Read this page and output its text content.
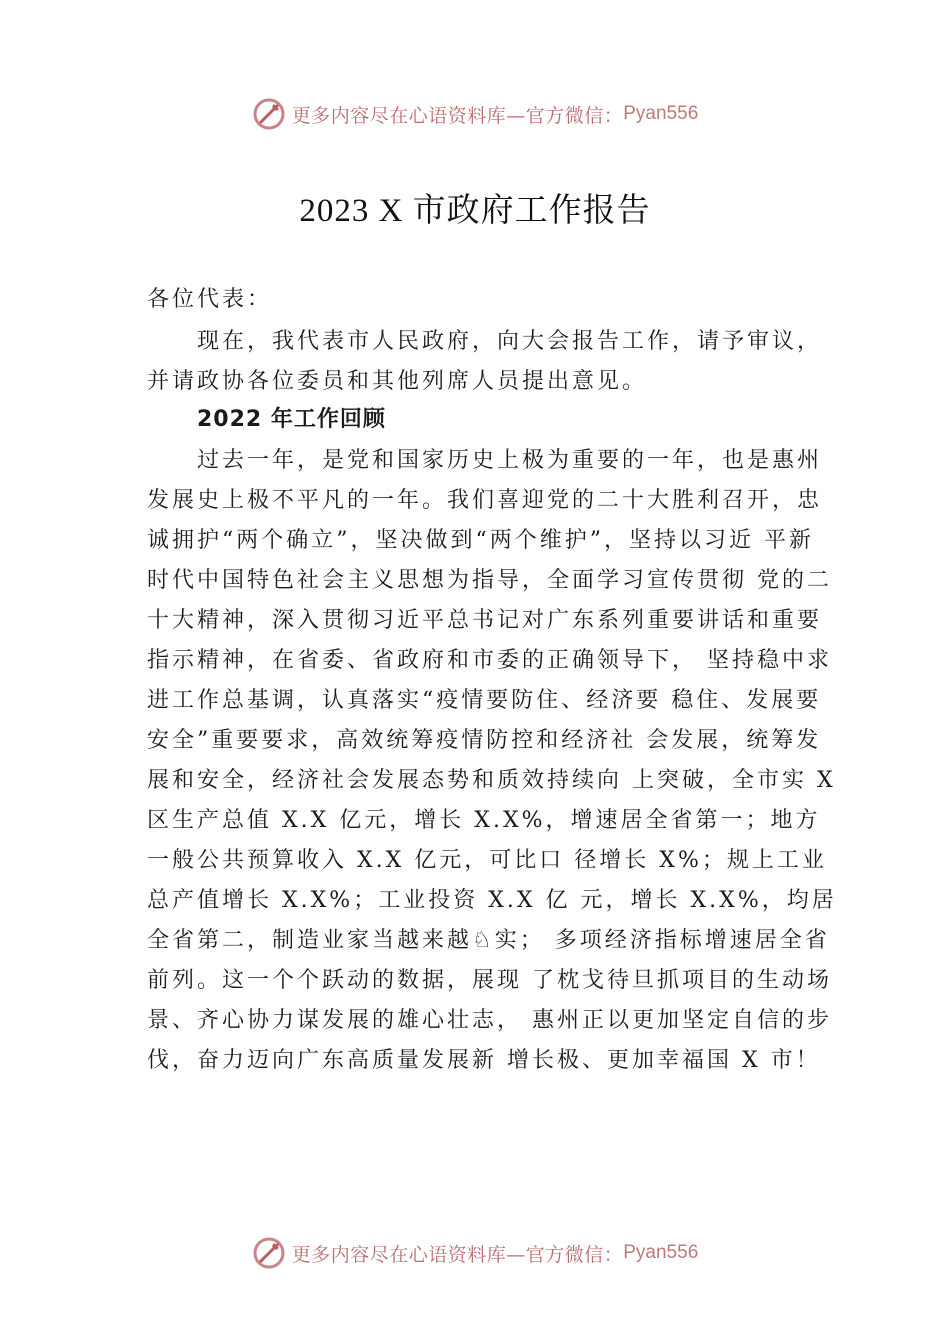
更多内容尽在心语资料库—官方微信： Pyan556
2023 X 市政府工作报告
各位代表：
现在，我代表市人民政府，向大会报告工作，请予审议，并请政协各位委员和其他列席人员提出意见。
2022 年工作回顾
过去一年，是党和国家历史上极为重要的一年，也是惠州发展史上极不平凡的一年。我们喜迎党的二十大胜利召开，忠诚拥护“两个确立”，坚决做到“两个维护”，坚持以习近 平新时代中国特色社会主义思想为指导，全面学习宣传贯彻 党的二十大精神，深入贯彻习近平总书记对广东系列重要讲话和重要指示精神，在省委、省政府和市委的正确领导下， 坚持稳中求进工作总基调，认真落实“疫情要防住、经济要 稳住、发展要安全”重要要求，高效统筹疫情防控和经济社 会发展，统筹发展和安全，经济社会发展态势和质效持续向 上突破，全市实 X 区生产总值 X.X 亿元，增长 X.X%，增速居全省第一；地方一般公共预算收入 X.X 亿元，可比口 径增长 X%；规上工业总产值增长 X.X%；工业投资 X.X 亿 元，增长 X.X%，均居全省第二，制造业家当越来越♘实； 多项经济指标增速居全省前列。这一个个跃动的数据，展现 了枕戈待旦抓项目的生动场景、齐心协力谋发展的雄心壮志， 惠州正以更加坚定自信的步伐，奋力迈向广东高质量发展新 增长极、更加幸福国 X 市！
更多内容尽在心语资料库—官方微信： Pyan556
